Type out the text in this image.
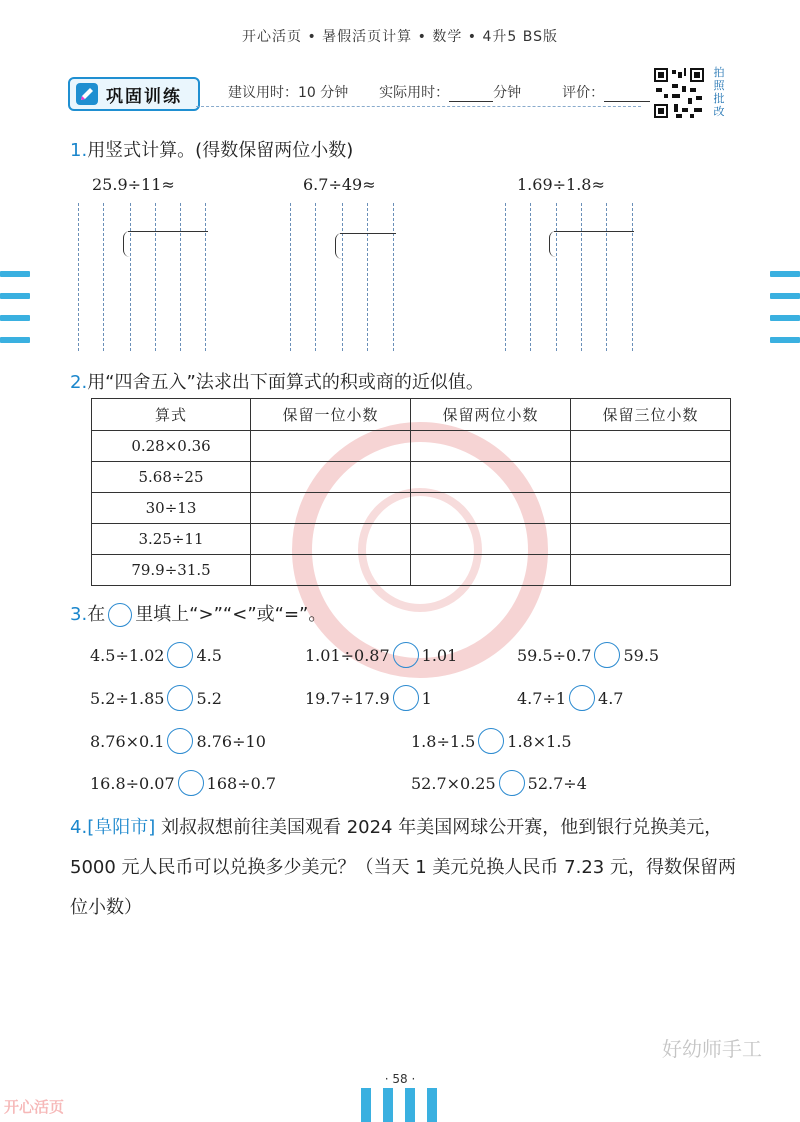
开心活页 • 暑假活页计算 • 数学 • 4升5 BS版
巩固训练	建议用时：10 分钟 实际用时：	分钟	评价：
拍照批改
1.用竖式计算。(得数保留两位小数)
25.9÷11≈	6.7÷49≈	1.69÷1.8≈
2.用“四舍五入”法求出下面算式的积或商的近似值。
算式	保留一位小数	保留两位小数	保留三位小数
0.28×0.36			
5.68÷25			
30÷13			
3.25÷11			
79.9÷31.5			
3.在 里填上“>”“<”或“=”。
4.5÷1.02 4.5	1.01÷0.87 1.01	59.5÷0.7 59.5
5.2÷1.85 5.2	19.7÷17.9 1	4.7÷1 4.7
8.76×0.1 8.76÷10	1.8÷1.5 1.8×1.5
16.8÷0.07 168÷0.7	52.7×0.25 52.7÷4
4.[阜阳市] 刘叔叔想前往美国观看 2024 年美国网球公开赛，他到银行兑换美元，5000 元人民币可以兑换多少美元？（当天 1 美元兑换人民币 7.23 元，得数保留两位小数）
好幼师手工
· 58 ·
开心活页
